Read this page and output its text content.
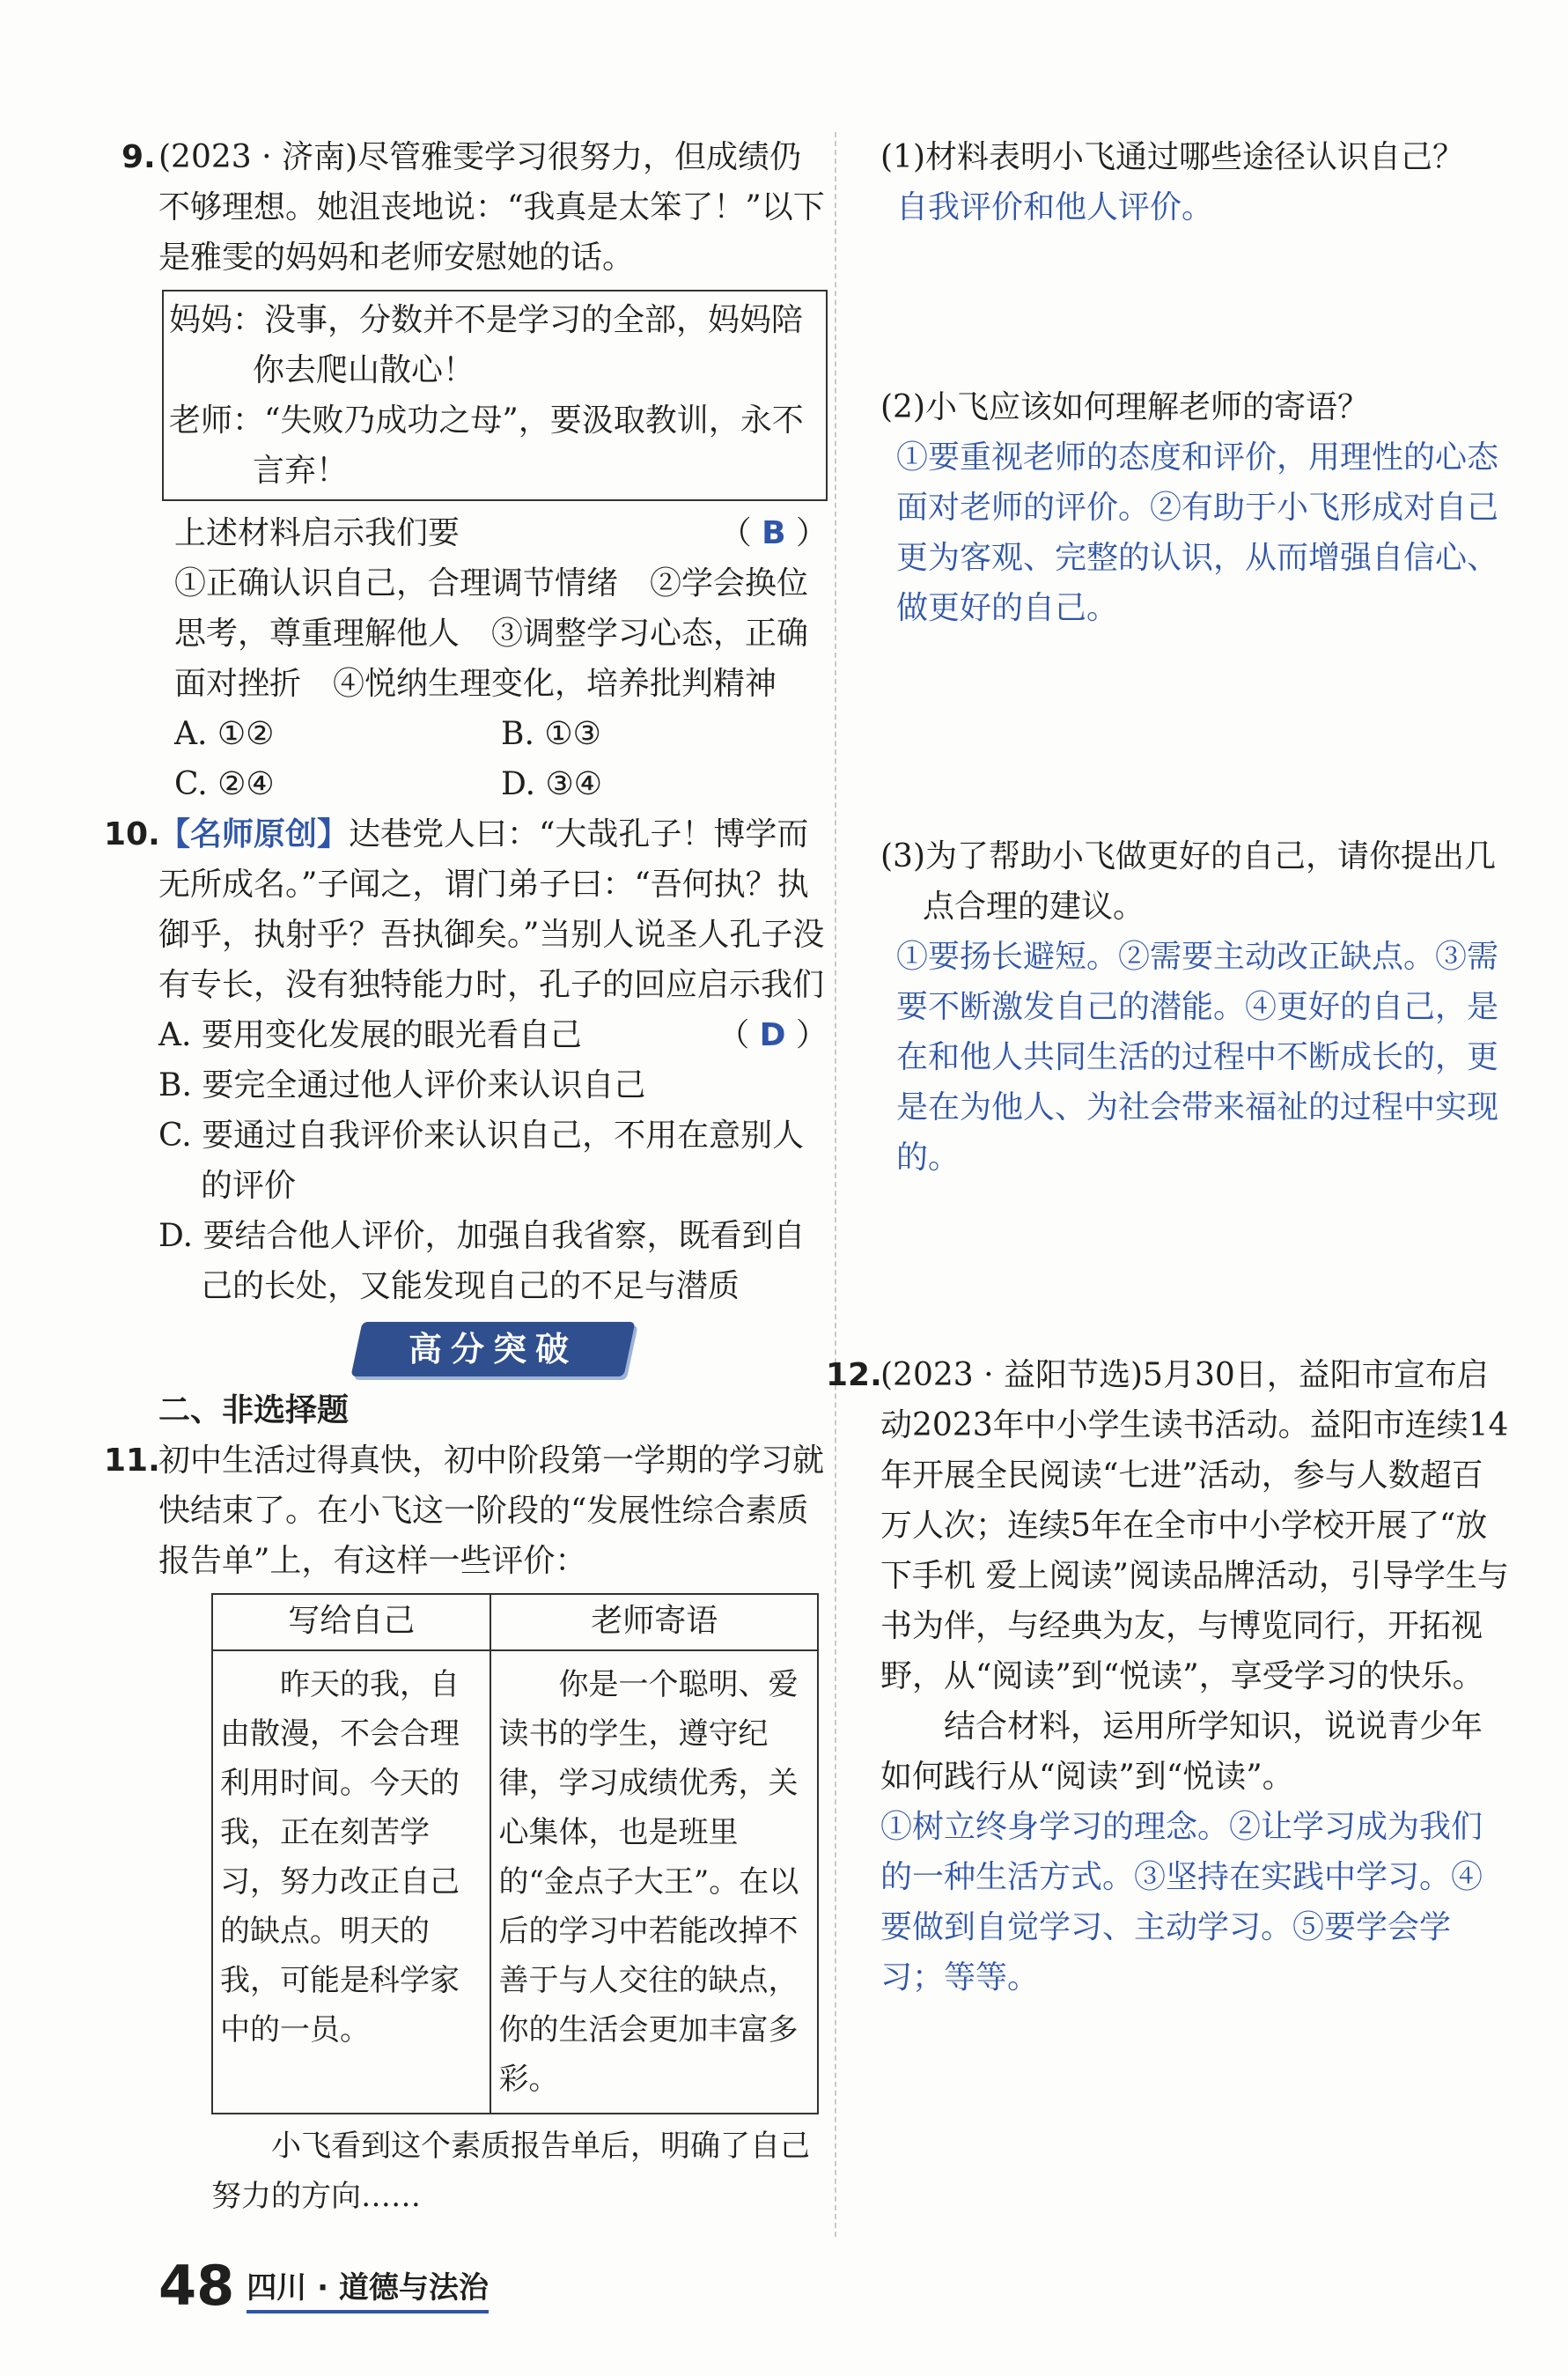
9. (2023 · 济南)尽管雅雯学习很努力，但成绩仍不够理想。她沮丧地说：“我真是太笨了！”以下是雅雯的妈妈和老师安慰她的话。

妈妈：没事，分数并不是学习的全部，妈妈陪你去爬山散心！

老师：“失败乃成功之母”，要汲取教训，永不言弃！

上述材料启示我们要	（ B ）

①正确认识自己，合理调节情绪　②学会换位思考，尊重理解他人　③调整学习心态，正确面对挫折　④悦纳生理变化，培养批判精神

A. ①②	B. ①③
C. ②④	D. ③④
10.

【名师原创】达巷党人曰：“大哉孔子！博学而无所成名。”子闻之，谓门弟子曰：“吾何执？执御乎，执射乎？吾执御矣。”当别人说圣人孔子没有专长，没有独特能力时，孔子的回应启示我们
（ D ）

A. 要用变化发展的眼光看自己

B. 要完全通过他人评价来认识自己

C. 要通过自我评价来认识自己，不用在意别人的评价

D. 要结合他人评价，加强自我省察，既看到自己的长处，又能发现自己的不足与潜质

高分突破

二、非选择题

11.

初中生活过得真快，初中阶段第一学期的学习就快结束了。在小飞这一阶段的“发展性综合素质报告单”上，有这样一些评价：

写给自己	老师寄语
昨天的我，自由散漫，不会合理利用时间。今天的我，正在刻苦学习，努力改正自己的缺点。明天的我，可能是科学家中的一员。	你是一个聪明、爱读书的学生，遵守纪律，学习成绩优秀，关心集体，也是班里的“金点子大王”。在以后的学习中若能改掉不善于与人交往的缺点，你的生活会更加丰富多彩。

小飞看到这个素质报告单后，明确了自己努力的方向……

(1)材料表明小飞通过哪些途径认识自己？

自我评价和他人评价。

(2)小飞应该如何理解老师的寄语？

①要重视老师的态度和评价，用理性的心态面对老师的评价。②有助于小飞形成对自己更为客观、完整的认识，从而增强自信心、做更好的自己。

(3)为了帮助小飞做更好的自己，请你提出几点合理的建议。

①要扬长避短。②需要主动改正缺点。③需要不断激发自己的潜能。④更好的自己，是在和他人共同生活的过程中不断成长的，更是在为他人、为社会带来福祉的过程中实现的。

12.

(2023 · 益阳节选)5月30日，益阳市宣布启动2023年中小学生读书活动。益阳市连续14年开展全民阅读“七进”活动，参与人数超百万人次；连续5年在全市中小学校开展了“放下手机 爱上阅读”阅读品牌活动，引导学生与书为伴，与经典为友，与博览同行，开拓视野，从“阅读”到“悦读”，享受学习的快乐。

结合材料，运用所学知识，说说青少年如何践行从“阅读”到“悦读”。

①树立终身学习的理念。②让学习成为我们的一种生活方式。③坚持在实践中学习。④要做到自觉学习、主动学习。⑤要学会学习；等等。

48 四川 · 道德与法治
